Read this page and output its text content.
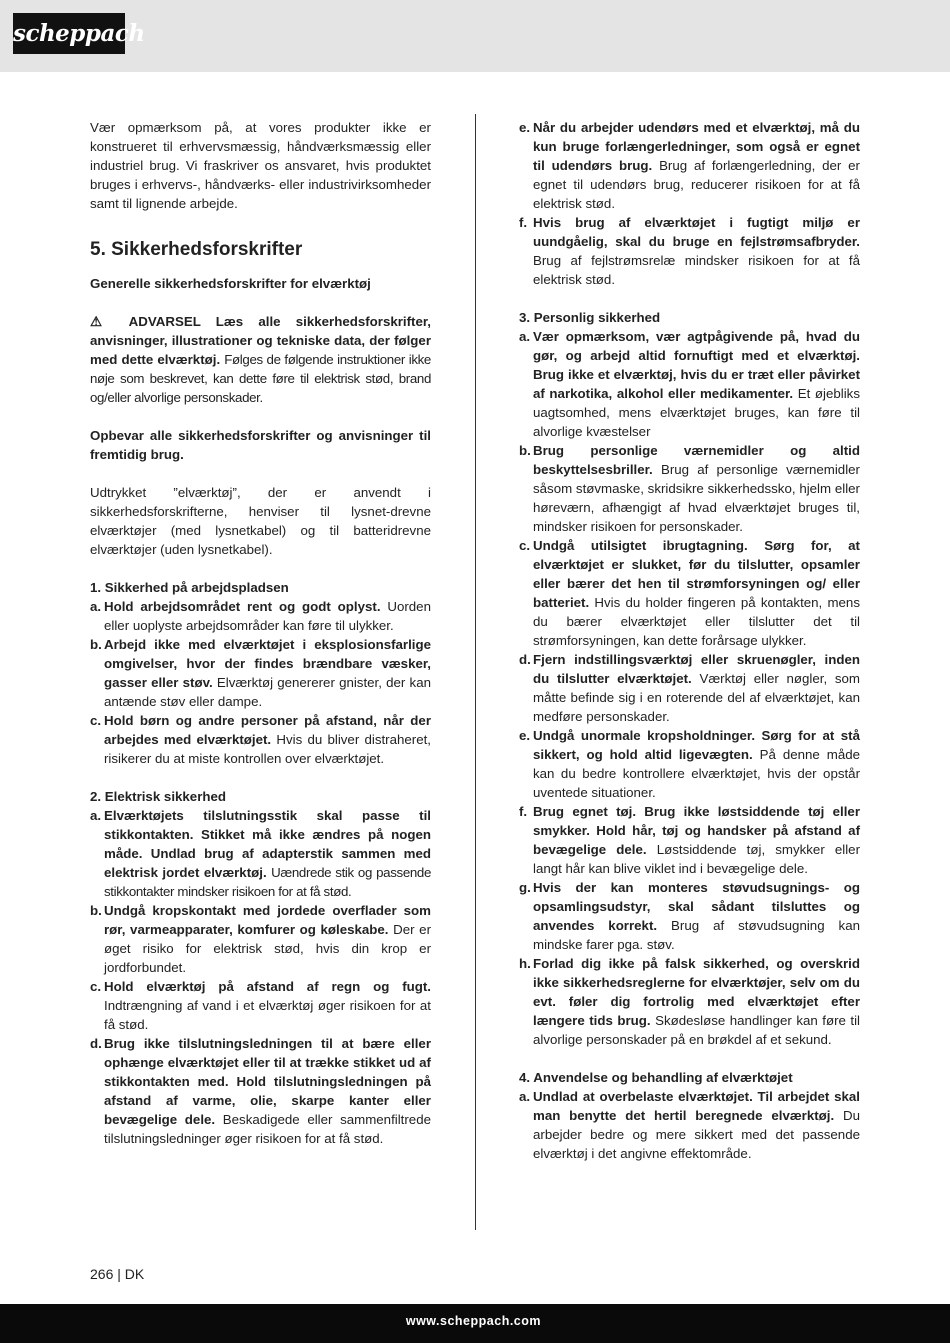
scheppach

Vær opmærksom på, at vores produkter ikke er konstrueret til erhvervsmæssig, håndværksmæssig eller industriel brug. Vi fraskriver os ansvaret, hvis produktet bruges i erhvervs-, håndværks- eller industrivirksomheder samt til lignende arbejde.

5. Sikkerhedsforskrifter

Generelle sikkerhedsforskrifter for elværktøj

⚠ ADVARSEL Læs alle sikkerhedsforskrifter, anvisninger, illustrationer og tekniske data, der følger med dette elværktøj. Følges de følgende instruktioner ikke nøje som beskrevet, kan dette føre til elektrisk stød, brand og/eller alvorlige personskader.

Opbevar alle sikkerhedsforskrifter og anvisninger til fremtidig brug.

Udtrykket ”elværktøj”, der er anvendt i sikkerhedsforskrifterne, henviser til lysnet-drevne elværktøjer (med lysnetkabel) og til batteridrevne elværktøjer (uden lysnetkabel).

1. Sikkerhed på arbejdspladsen

a. Hold arbejdsområdet rent og godt oplyst. Uorden eller uoplyste arbejdsområder kan føre til ulykker.
b. Arbejd ikke med elværktøjet i eksplosionsfarlige omgivelser, hvor der findes brændbare væsker, gasser eller støv. Elværktøj genererer gnister, der kan antænde støv eller dampe.
c. Hold børn og andre personer på afstand, når der arbejdes med elværktøjet. Hvis du bliver distraheret, risikerer du at miste kontrollen over elværktøjet.

2. Elektrisk sikkerhed

a. Elværktøjets tilslutningsstik skal passe til stikkontakten. Stikket må ikke ændres på nogen måde. Undlad brug af adapterstik sammen med elektrisk jordet elværktøj. Uændrede stik og passende stikkontakter mindsker risikoen for at få stød.
b. Undgå kropskontakt med jordede overflader som rør, varmeapparater, komfurer og køleskabe. Der er øget risiko for elektrisk stød, hvis din krop er jordforbundet.
c. Hold elværktøj på afstand af regn og fugt. Indtrængning af vand i et elværktøj øger risikoen for at få stød.
d. Brug ikke tilslutningsledningen til at bære eller ophænge elværktøjet eller til at trække stikket ud af stikkontakten med. Hold tilslutningsledningen på afstand af varme, olie, skarpe kanter eller bevægelige dele. Beskadigede eller sammenfiltrede tilslutningsledninger øger risikoen for at få stød.
e. Når du arbejder udendørs med et elværktøj, må du kun bruge forlængerledninger, som også er egnet til udendørs brug. Brug af forlængerledning, der er egnet til udendørs brug, reducerer risikoen for at få elektrisk stød.
f. Hvis brug af elværktøjet i fugtigt miljø er uundgåelig, skal du bruge en fejlstrømsafbryder. Brug af fejlstrømsrelæ mindsker risikoen for at få elektrisk stød.

3. Personlig sikkerhed

a. Vær opmærksom, vær agtpågivende på, hvad du gør, og arbejd altid fornuftigt med et elværktøj. Brug ikke et elværktøj, hvis du er træt eller påvirket af narkotika, alkohol eller medikamenter. Et øjebliks uagtsomhed, mens elværktøjet bruges, kan føre til alvorlige kvæstelser
b. Brug personlige værnemidler og altid beskyttelsesbriller. Brug af personlige værnemidler såsom støvmaske, skridsikre sikkerhedssko, hjelm eller høreværn, afhængigt af hvad elværktøjet bruges til, mindsker risikoen for personskader.
c. Undgå utilsigtet ibrugtagning. Sørg for, at elværktøjet er slukket, før du tilslutter, opsamler eller bærer det hen til strømforsyningen og/ eller batteriet. Hvis du holder fingeren på kontakten, mens du bærer elværktøjet eller tilslutter det til strømforsyningen, kan dette forårsage ulykker.
d. Fjern indstillingsværktøj eller skruenøgler, inden du tilslutter elværktøjet. Værktøj eller nøgler, som måtte befinde sig i en roterende del af elværktøjet, kan medføre personskader.
e. Undgå unormale kropsholdninger. Sørg for at stå sikkert, og hold altid ligevægten. På denne måde kan du bedre kontrollere elværktøjet, hvis der opstår uventede situationer.
f. Brug egnet tøj. Brug ikke løstsiddende tøj eller smykker. Hold hår, tøj og handsker på afstand af bevægelige dele. Løstsiddende tøj, smykker eller langt hår kan blive viklet ind i bevægelige dele.
g. Hvis der kan monteres støvudsugnings- og opsamlingsudstyr, skal sådant tilsluttes og anvendes korrekt. Brug af støvudsugning kan mindske farer pga. støv.
h. Forlad dig ikke på falsk sikkerhed, og overskrid ikke sikkerhedsreglerne for elværktøjer, selv om du evt. føler dig fortrolig med elværktøjet efter længere tids brug. Skødesløse handlinger kan føre til alvorlige personskader på en brøkdel af et sekund.

4. Anvendelse og behandling af elværktøjet

a. Undlad at overbelaste elværktøjet. Til arbejdet skal man benytte det hertil beregnede elværktøj. Du arbejder bedre og mere sikkert med det passende elværktøj i det angivne effektområde.
266 | DK
www.scheppach.com
